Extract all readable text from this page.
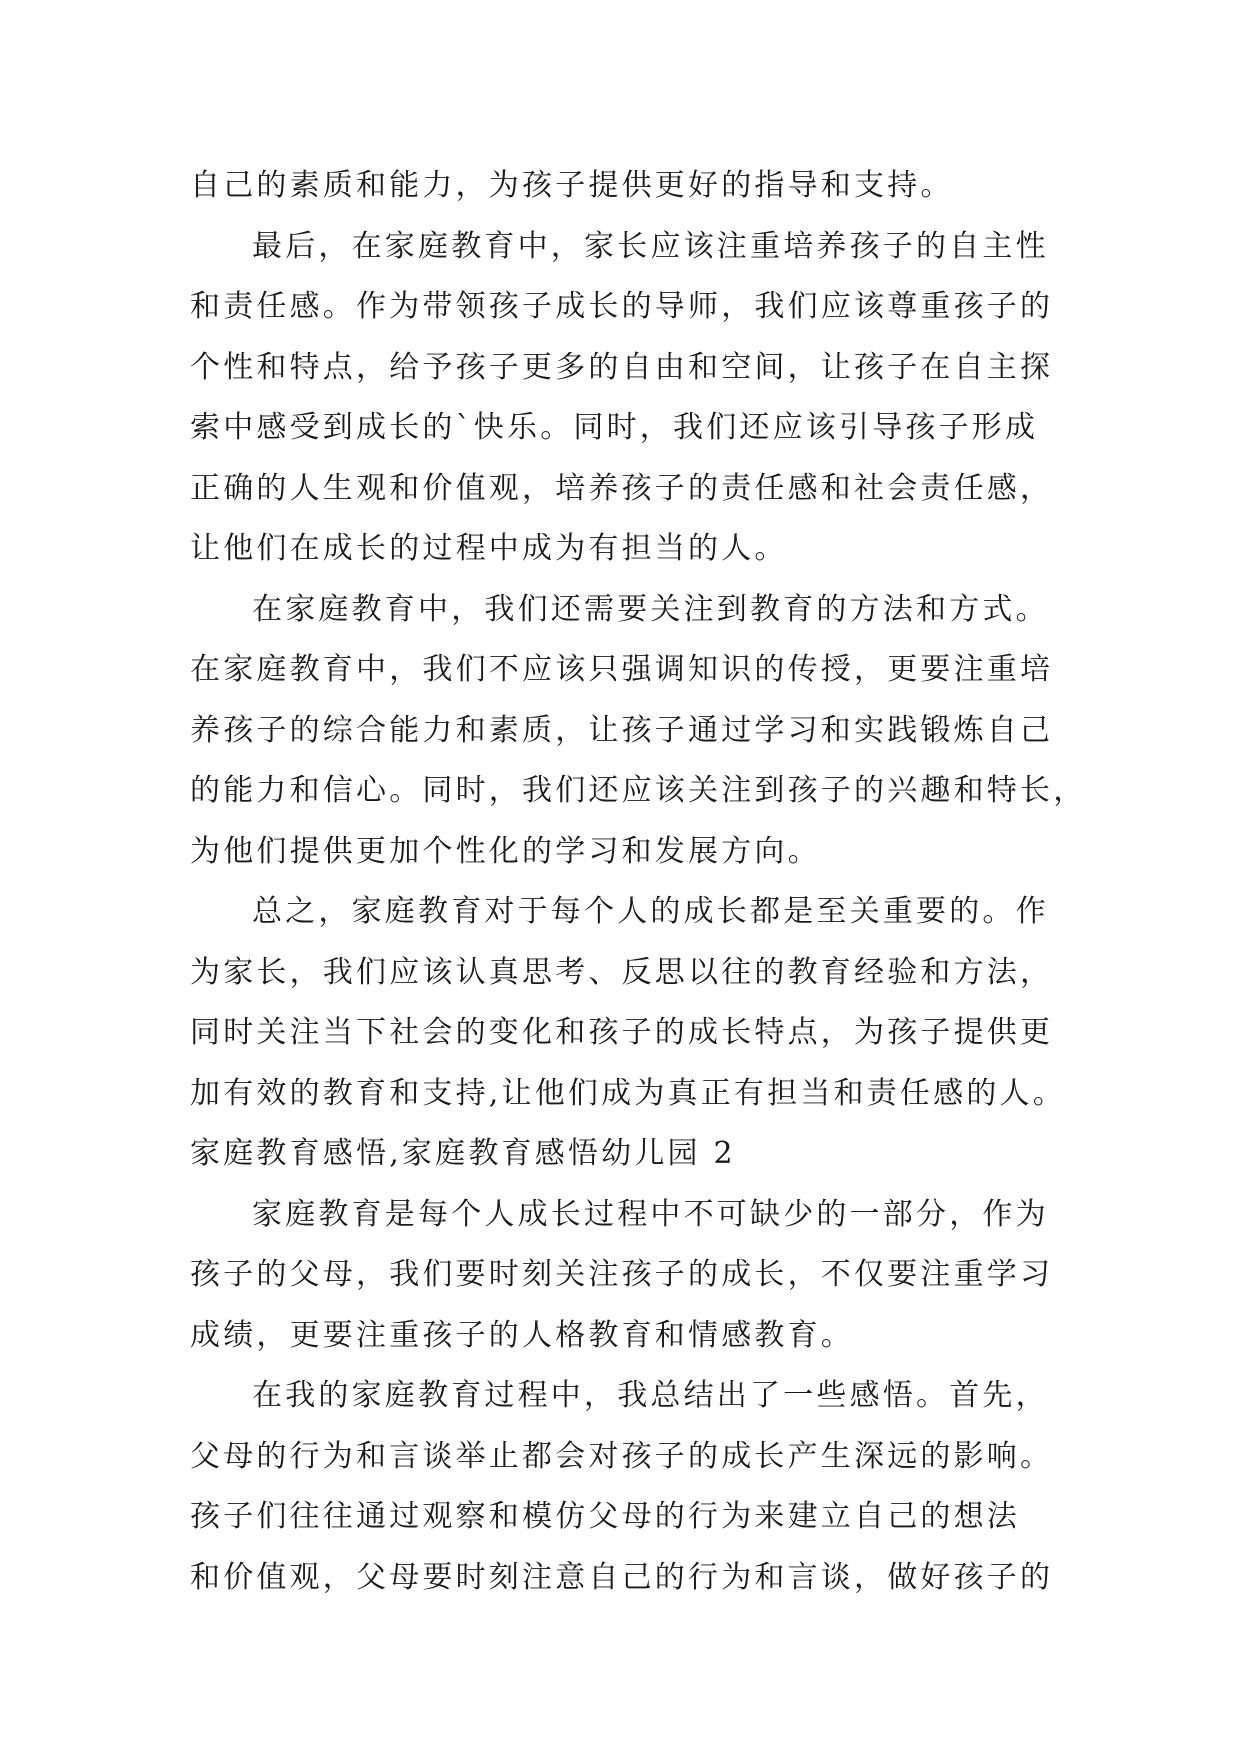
自己的素质和能力，为孩子提供更好的指导和支持。
最后，在家庭教育中，家长应该注重培养孩子的自主性
和责任感。作为带领孩子成长的导师，我们应该尊重孩子的
个性和特点，给予孩子更多的自由和空间，让孩子在自主探
索中感受到成长的`快乐。同时，我们还应该引导孩子形成
正确的人生观和价值观，培养孩子的责任感和社会责任感，
让他们在成长的过程中成为有担当的人。
在家庭教育中，我们还需要关注到教育的方法和方式。
在家庭教育中，我们不应该只强调知识的传授，更要注重培
养孩子的综合能力和素质，让孩子通过学习和实践锻炼自己
的能力和信心。同时，我们还应该关注到孩子的兴趣和特长，
为他们提供更加个性化的学习和发展方向。
总之，家庭教育对于每个人的成长都是至关重要的。作
为家长，我们应该认真思考、反思以往的教育经验和方法，
同时关注当下社会的变化和孩子的成长特点，为孩子提供更
加有效的教育和支持,让他们成为真正有担当和责任感的人。
家庭教育感悟,家庭教育感悟幼儿园 2
家庭教育是每个人成长过程中不可缺少的一部分，作为
孩子的父母，我们要时刻关注孩子的成长，不仅要注重学习
成绩，更要注重孩子的人格教育和情感教育。
在我的家庭教育过程中，我总结出了一些感悟。首先，
父母的行为和言谈举止都会对孩子的成长产生深远的影响。
孩子们往往通过观察和模仿父母的行为来建立自己的想法
和价值观，父母要时刻注意自己的行为和言谈，做好孩子的
